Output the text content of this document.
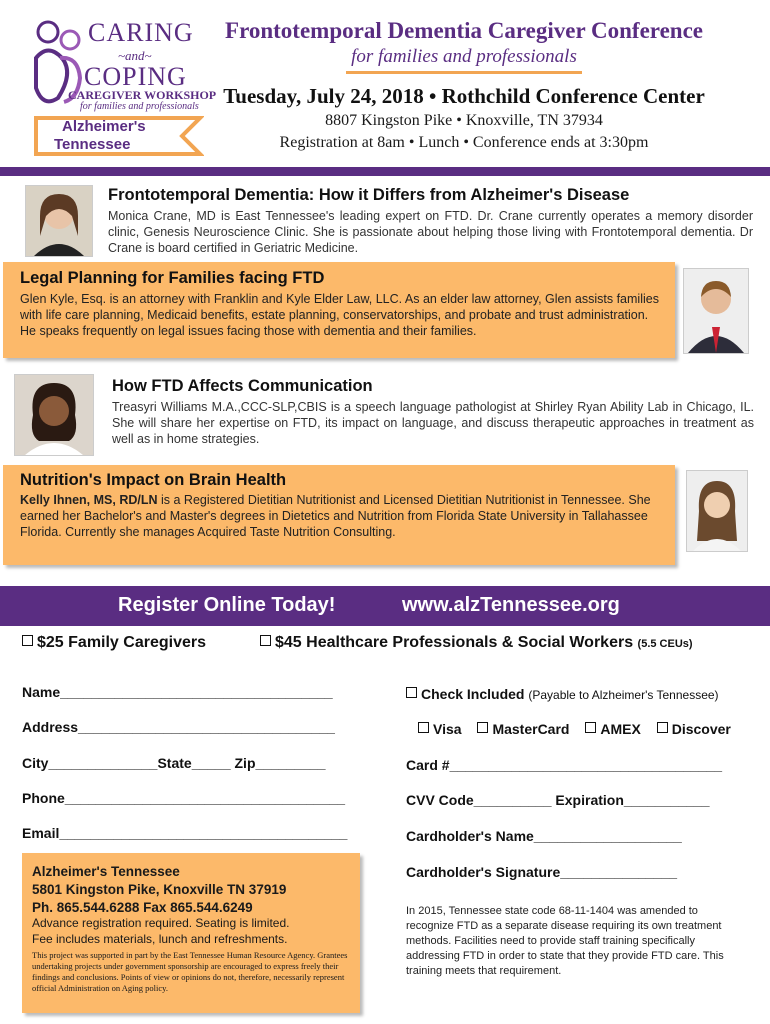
CARING
~and~
COPING
CAREGIVER WORKSHOP
for families and professionals
Alzheimer's
Tennessee
Frontotemporal Dementia Caregiver Conference
for families and professionals
Tuesday, July 24, 2018 • Rothchild Conference Center
8807 Kingston Pike • Knoxville, TN 37934
Registration at 8am • Lunch • Conference ends at 3:30pm
Frontotemporal Dementia: How it Differs from Alzheimer's Disease
Monica Crane, MD is East Tennessee's leading expert on FTD. Dr. Crane currently operates a memory disorder clinic, Genesis Neuroscience Clinic. She is passionate about helping those living with Frontotemporal dementia. Dr Crane is board certified in Geriatric Medicine.
Legal Planning for Families facing FTD
Glen Kyle, Esq. is an attorney with Franklin and Kyle Elder Law, LLC. As an elder law attorney, Glen assists families with life care planning, Medicaid benefits, estate planning, conservatorships, and probate and trust administration. He speaks frequently on legal issues facing those with dementia and their families.
How FTD Affects Communication
Treasyri Williams M.A.,CCC-SLP,CBIS is a speech language pathologist at Shirley Ryan Ability Lab in Chicago, IL. She will share her expertise on FTD, its impact on language, and discuss therapeutic approaches in treatment as well as in home strategies.
Nutrition's Impact on Brain Health
Kelly Ihnen, MS, RD/LN is a Registered Dietitian Nutritionist and Licensed Dietitian Nutritionist in Tennessee. She earned her Bachelor's and Master's degrees in Dietetics and Nutrition from Florida State University in Tallahassee Florida. Currently she manages Acquired Taste Nutrition Consulting.
Register Online Today!	www.alzTennessee.org
$25 Family Caregivers	$45 Healthcare Professionals & Social Workers (5.5 CEUs)
Name___________________________________
Address_________________________________
City______________State_____ Zip_________
Phone____________________________________
Email_____________________________________
Check Included (Payable to Alzheimer's Tennessee)
Visa MasterCard AMEX Discover
Card #___________________________________
CVV Code__________ Expiration___________
Cardholder's Name___________________
Cardholder's Signature_______________
In 2015, Tennessee state code 68-11-1404 was amended to recognize FTD as a separate disease requiring its own treatment methods. Facilities need to provide staff training specifically addressing FTD in order to state that they provide FTD care. This training meets that requirement.
Alzheimer's Tennessee
5801 Kingston Pike, Knoxville TN 37919
Ph. 865.544.6288 Fax 865.544.6249
Advance registration required. Seating is limited.
Fee includes materials, lunch and refreshments.
This project was supported in part by the East Tennessee Human Resource Agency. Grantees undertaking projects under government sponsorship are encouraged to express freely their findings and conclusions. Points of view or opinions do not, therefore, necessarily represent official Administration on Aging policy.
